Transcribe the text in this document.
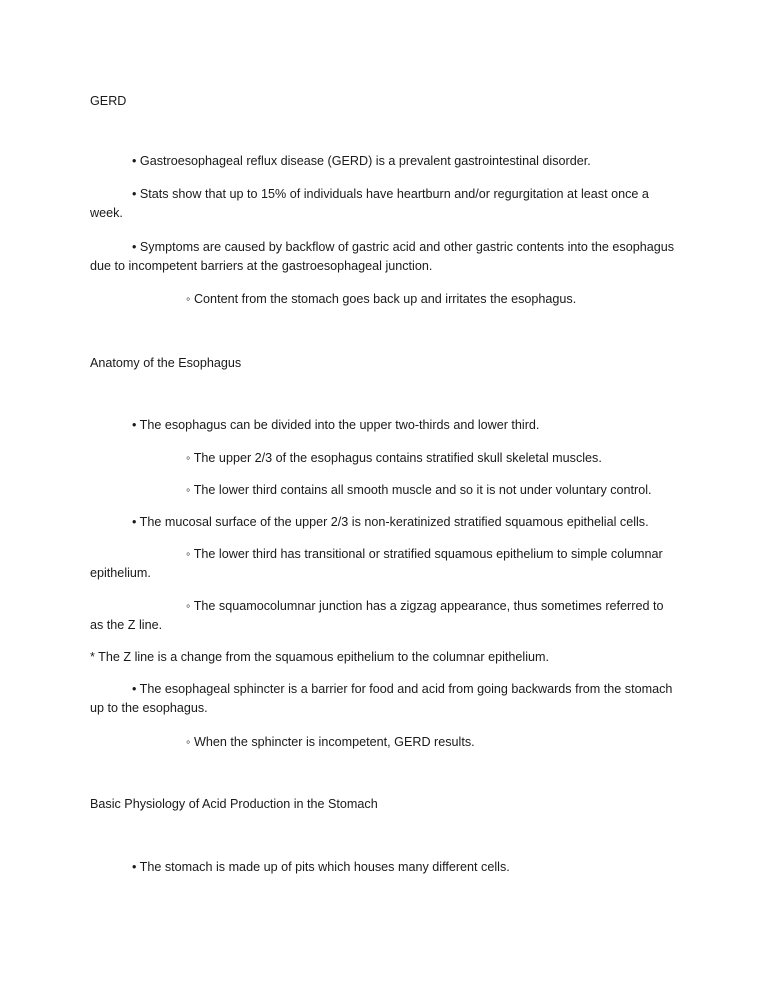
GERD

• Gastroesophageal reflux disease (GERD) is a prevalent gastrointestinal disorder.

• Stats show that up to 15% of individuals have heartburn and/or regurgitation at least once a week.

• Symptoms are caused by backflow of gastric acid and other gastric contents into the esophagus due to incompetent barriers at the gastroesophageal junction.

◦ Content from the stomach goes back up and irritates the esophagus.

Anatomy of the Esophagus

• The esophagus can be divided into the upper two-thirds and lower third.

◦ The upper 2/3 of the esophagus contains stratified skull skeletal muscles.

◦ The lower third contains all smooth muscle and so it is not under voluntary control.

• The mucosal surface of the upper 2/3 is non-keratinized stratified squamous epithelial cells.

◦ The lower third has transitional or stratified squamous epithelium to simple columnar epithelium.

◦ The squamocolumnar junction has a zigzag appearance, thus sometimes referred to as the Z line.

* The Z line is a change from the squamous epithelium to the columnar epithelium.

• The esophageal sphincter is a barrier for food and acid from going backwards from the stomach up to the esophagus.

◦ When the sphincter is incompetent, GERD results.

Basic Physiology of Acid Production in the Stomach

• The stomach is made up of pits which houses many different cells.
